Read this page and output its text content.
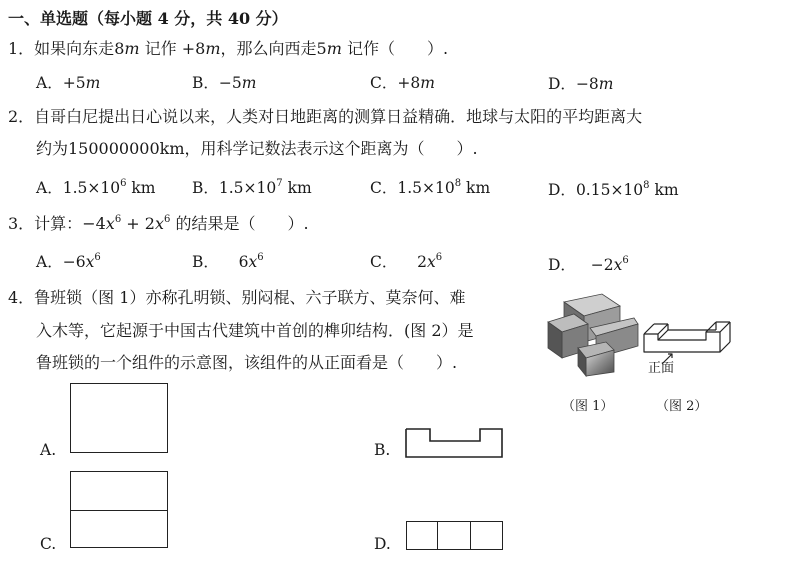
一、单选题（每小题 4 分，共 40 分）
1．如果向东走8m 记作 +8m，那么向西走5m 记作（　　）.
A．+5m	B．−5m	C．+8m	D．−8m
2．自哥白尼提出日心说以来，人类对日地距离的测算日益精确．地球与太阳的平均距离大
约为150000000km，用科学记数法表示这个距离为（　　）.
A．$1.5\times 10^6$ km B．$1.5\times 10^7$ km	C．$1.5\times 10^8$ km	D．$0.15\times 10^8$ km
3．计算：$-4x^6 + 2x^6$ 的结果是（　　）.
A．$-6x^6$	B． $6x^6$	C． $2x^6$	D． $-2x^6$
4．鲁班锁（图 1）亦称孔明锁、别闷棍、六子联方、莫奈何、难
入木等，它起源于中国古代建筑中首创的榫卯结构．(图 2）是
鲁班锁的一个组件的示意图，该组件的从正面看是（　　）.
（图 1）
正面
（图 2）
A.	B.
C.	D.
